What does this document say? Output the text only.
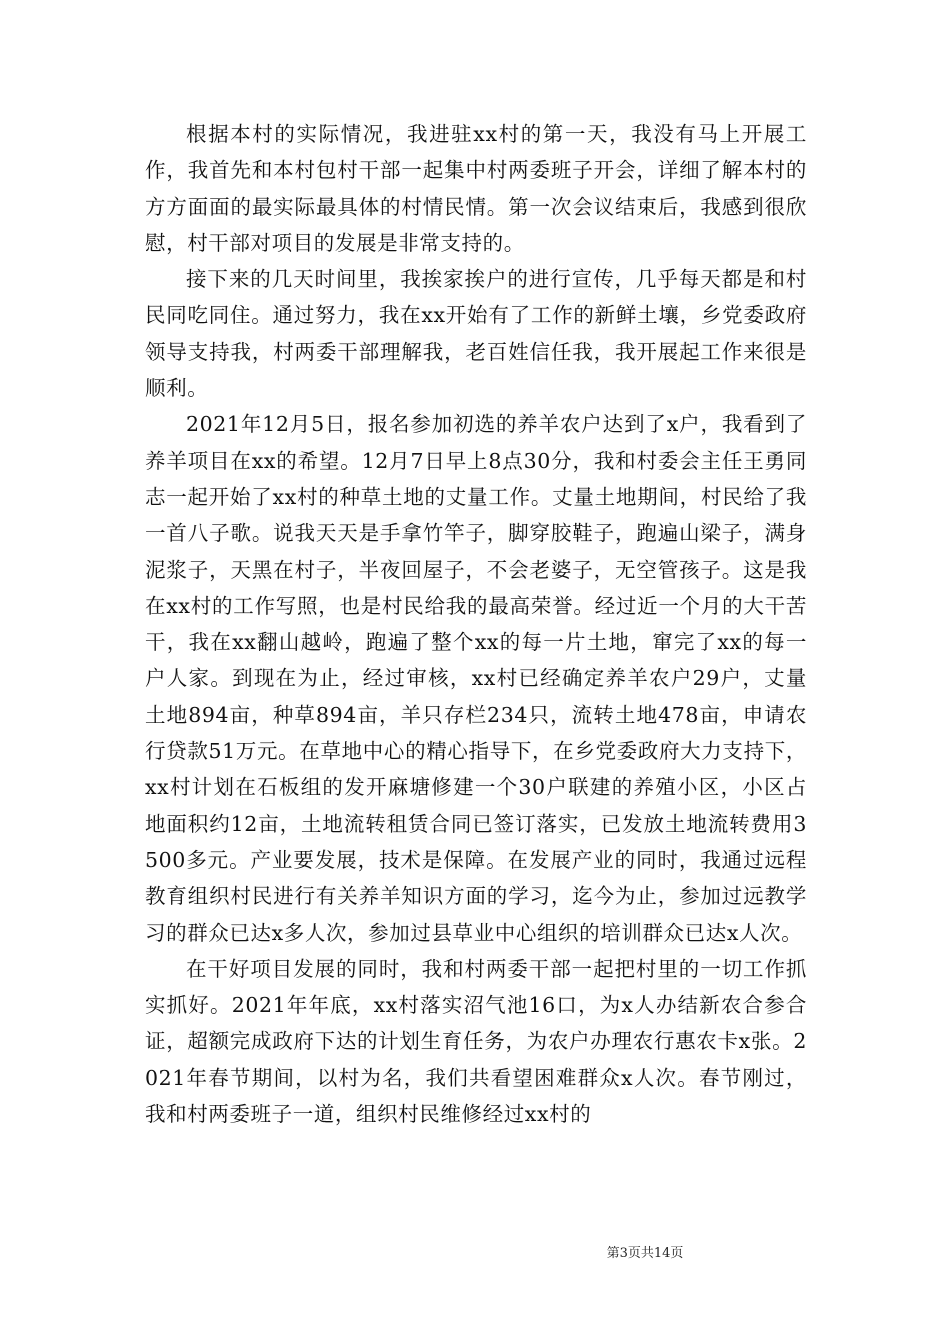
根据本村的实际情况，我进驻xx村的第一天，我没有马上开展工作，我首先和本村包村干部一起集中村两委班子开会，详细了解本村的方方面面的最实际最具体的村情民情。第一次会议结束后，我感到很欣慰，村干部对项目的发展是非常支持的。

接下来的几天时间里，我挨家挨户的进行宣传，几乎每天都是和村民同吃同住。通过努力，我在xx开始有了工作的新鲜土壤，乡党委政府领导支持我，村两委干部理解我，老百姓信任我，我开展起工作来很是顺利。

2021年12月5日，报名参加初选的养羊农户达到了x户，我看到了养羊项目在xx的希望。12月7日早上8点30分，我和村委会主任王勇同志一起开始了xx村的种草土地的丈量工作。丈量土地期间，村民给了我一首八子歌。说我天天是手拿竹竿子，脚穿胶鞋子，跑遍山梁子，满身泥浆子，天黑在村子，半夜回屋子，不会老婆子，无空管孩子。这是我在xx村的工作写照，也是村民给我的最高荣誉。经过近一个月的大干苦干，我在xx翻山越岭，跑遍了整个xx的每一片土地，窜完了xx的每一户人家。到现在为止，经过审核，xx村已经确定养羊农户29户，丈量土地894亩，种草894亩，羊只存栏234只，流转土地478亩，申请农行贷款51万元。在草地中心的精心指导下，在乡党委政府大力支持下，xx村计划在石板组的发开麻塘修建一个30户联建的养殖小区，小区占地面积约12亩，土地流转租赁合同已签订落实，已发放土地流转费用3500多元。产业要发展，技术是保障。在发展产业的同时，我通过远程教育组织村民进行有关养羊知识方面的学习，迄今为止，参加过远教学习的群众已达x多人次，参加过县草业中心组织的培训群众已达x人次。

在干好项目发展的同时，我和村两委干部一起把村里的一切工作抓实抓好。2021年年底，xx村落实沼气池16口，为x人办结新农合参合证，超额完成政府下达的计划生育任务，为农户办理农行惠农卡x张。2021年春节期间，以村为名，我们共看望困难群众x人次。春节刚过，我和村两委班子一道，组织村民维修经过xx村的

第3页共14页
